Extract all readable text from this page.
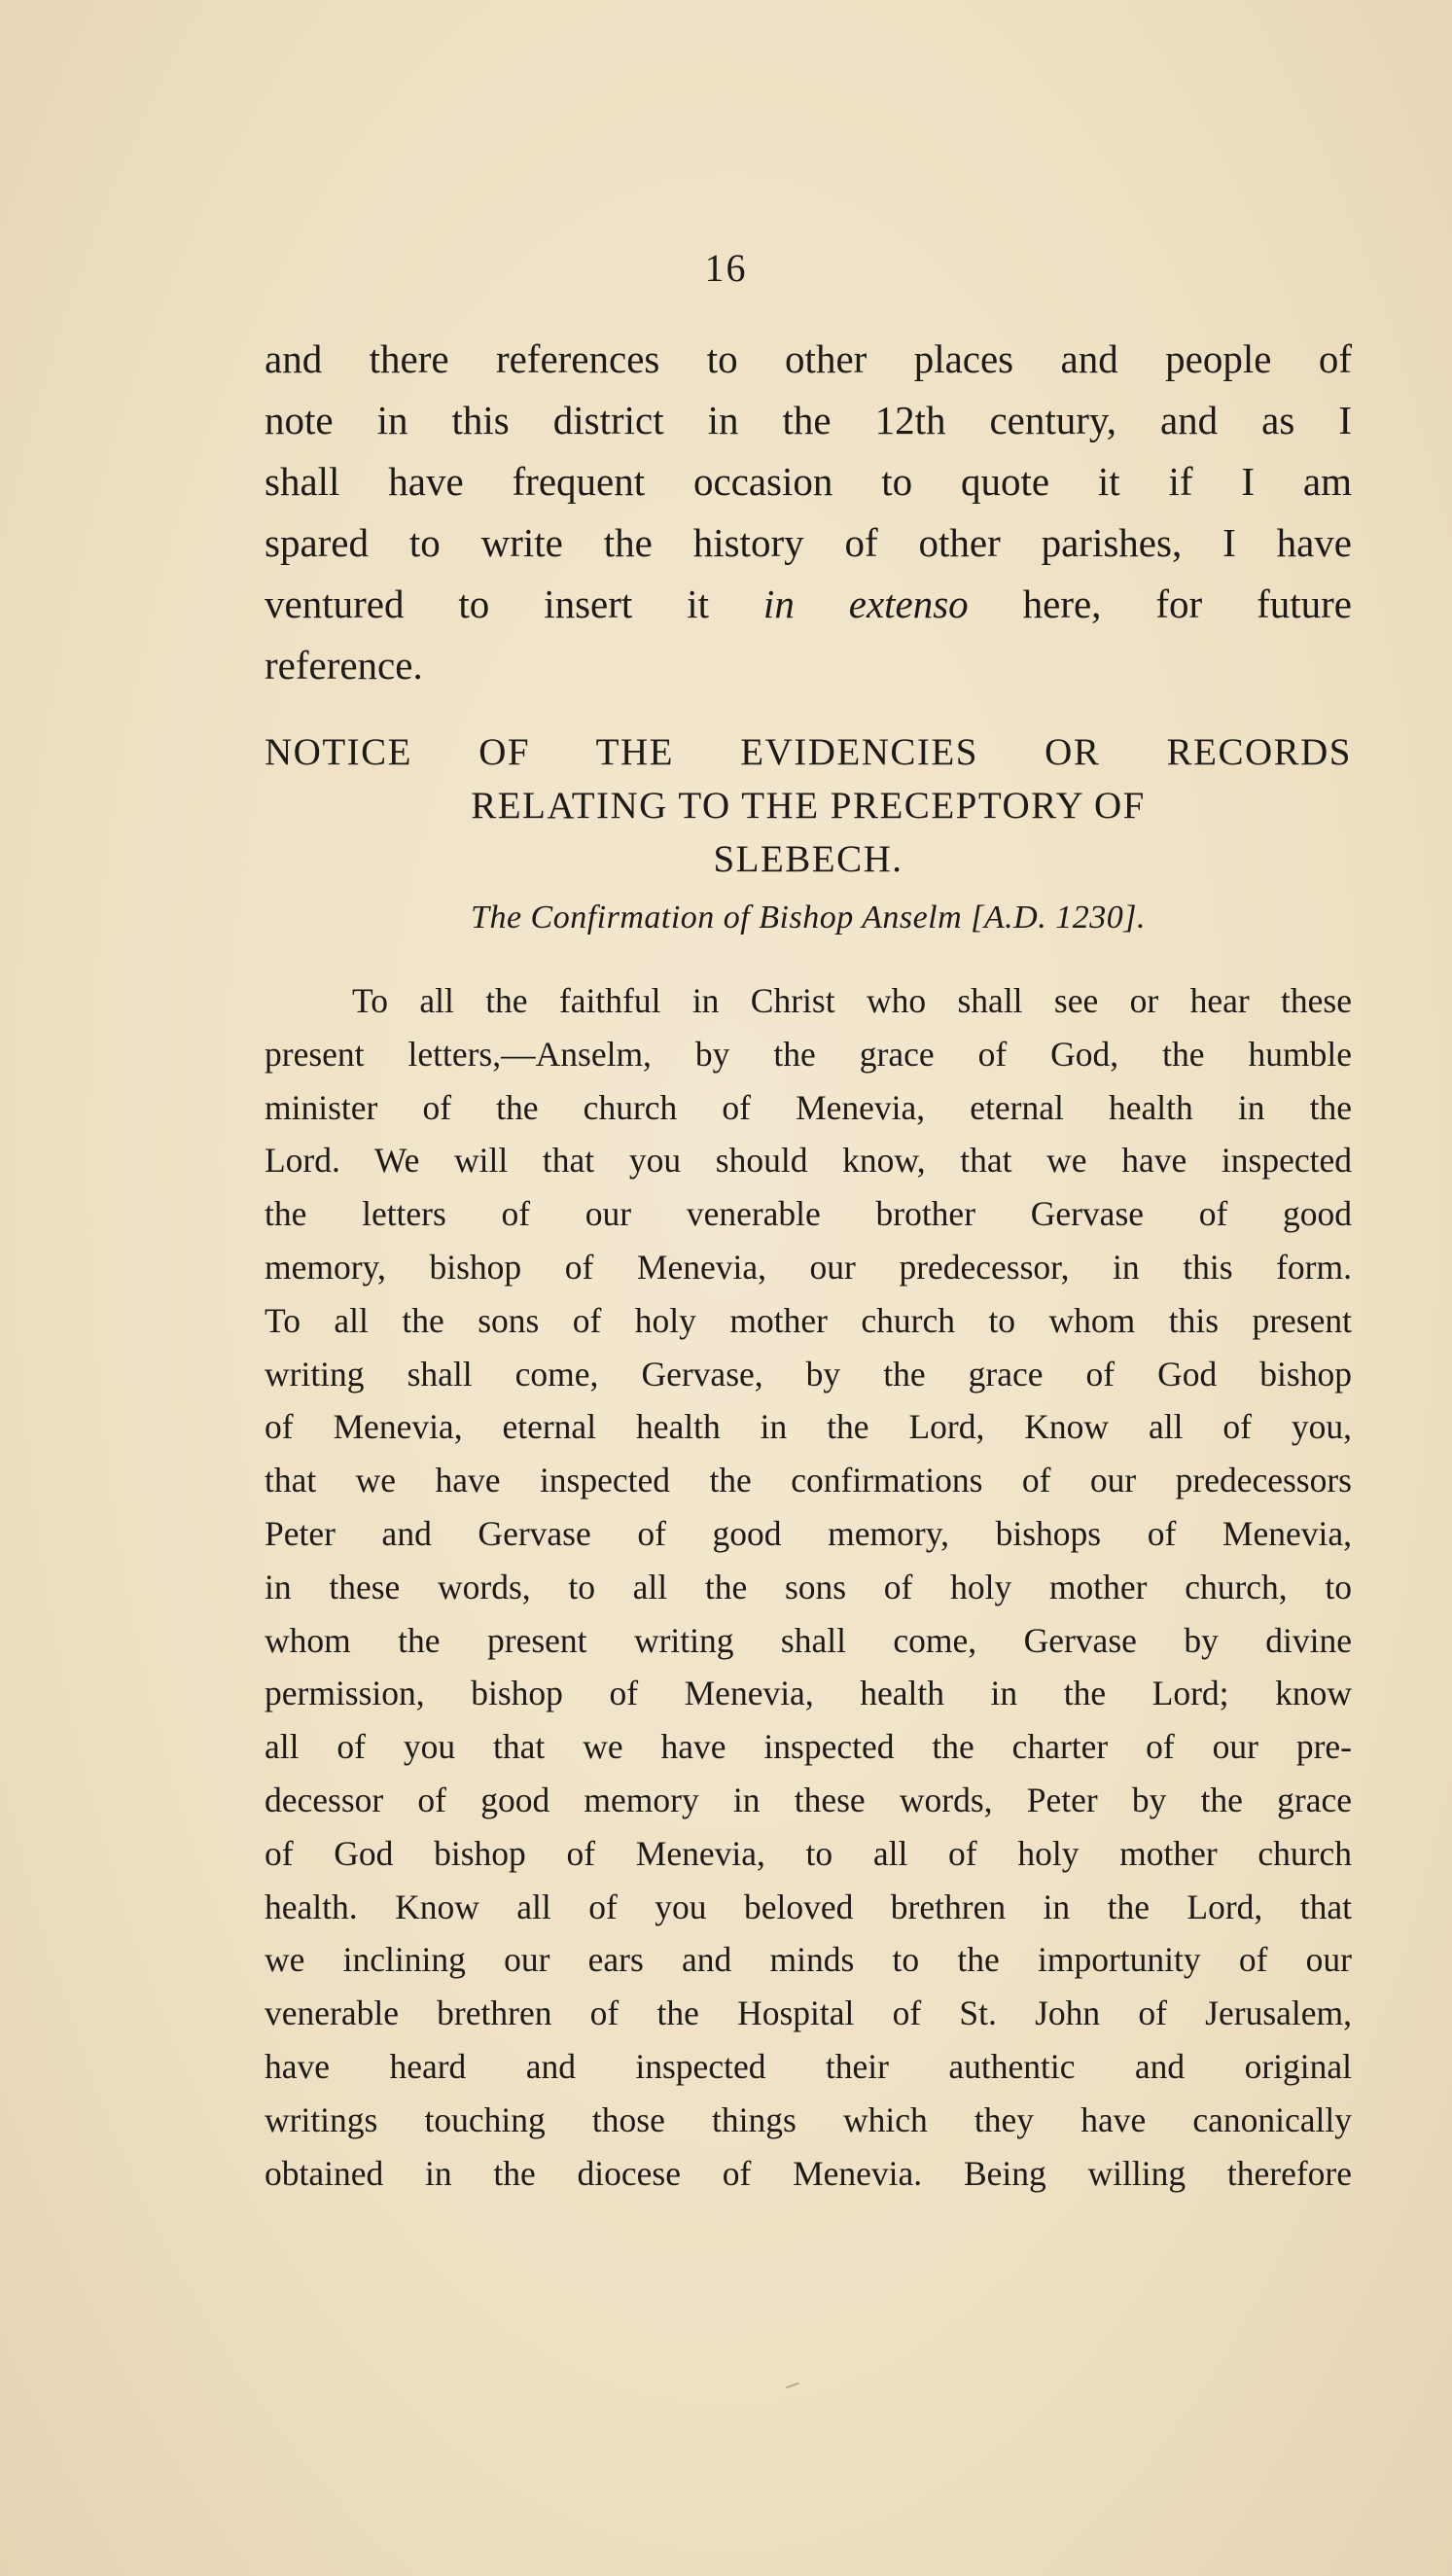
16
and there references to other places and people of
note in this district in the 12th century, and as I
shall have frequent occasion to quote it if I am
spared to write the history of other parishes, I have
ventured to insert it in extenso here, for future
reference.
NOTICE OF THE EVIDENCIES OR RECORDS
RELATING TO THE PRECEPTORY OF
SLEBECH.
The Confirmation of Bishop Anselm [A.D. 1230].
To all the faithful in Christ who shall see or hear these
present letters,—Anselm, by the grace of God, the humble
minister of the church of Menevia, eternal health in the
Lord. We will that you should know, that we have inspected
the letters of our venerable brother Gervase of good
memory, bishop of Menevia, our predecessor, in this form.
To all the sons of holy mother church to whom this present
writing shall come, Gervase, by the grace of God bishop
of Menevia, eternal health in the Lord, Know all of you,
that we have inspected the confirmations of our predecessors
Peter and Gervase of good memory, bishops of Menevia,
in these words, to all the sons of holy mother church, to
whom the present writing shall come, Gervase by divine
permission, bishop of Menevia, health in the Lord; know
all of you that we have inspected the charter of our pre-
decessor of good memory in these words, Peter by the grace
of God bishop of Menevia, to all of holy mother church
health. Know all of you beloved brethren in the Lord, that
we inclining our ears and minds to the importunity of our
venerable brethren of the Hospital of St. John of Jerusalem,
have heard and inspected their authentic and original
writings touching those things which they have canonically
obtained in the diocese of Menevia. Being willing therefore
